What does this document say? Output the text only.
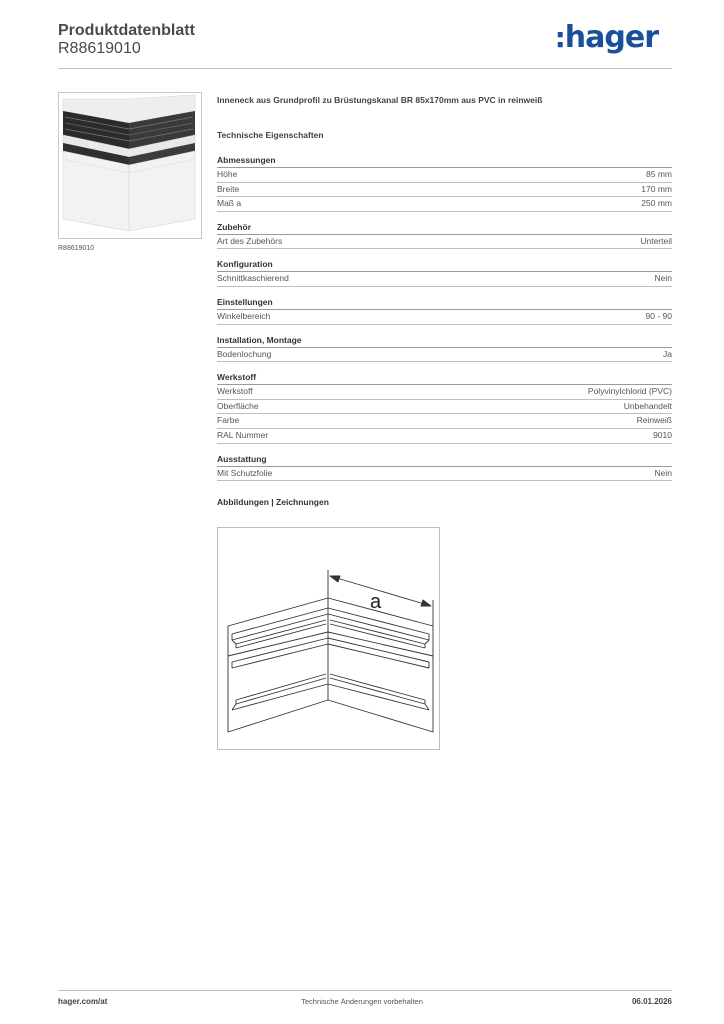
Produktdatenblatt
R88619010	:hager
R88619010
Inneneck aus Grundprofil zu Brüstungskanal BR 85x170mm aus PVC in reinweiß
Technische Eigenschaften
Abmessungen
Höhe	85 mm
Breite	170 mm
Maß a	250 mm
Zubehör
Art des Zubehörs	Unterteil
Konfiguration
Schnittkaschierend	Nein
Einstellungen
Winkelbereich	90 - 90
Installation, Montage
Bodenlochung	Ja
Werkstoff
Werkstoff	Polyvinylchlorid (PVC)
Oberfläche	Unbehandelt
Farbe	Reinweiß
RAL Nummer	9010
Ausstattung
Mit Schutzfolie	Nein
Abbildungen | Zeichnungen
a
hager.com/at	Technische Änderungen vorbehalten	06.01.2026
